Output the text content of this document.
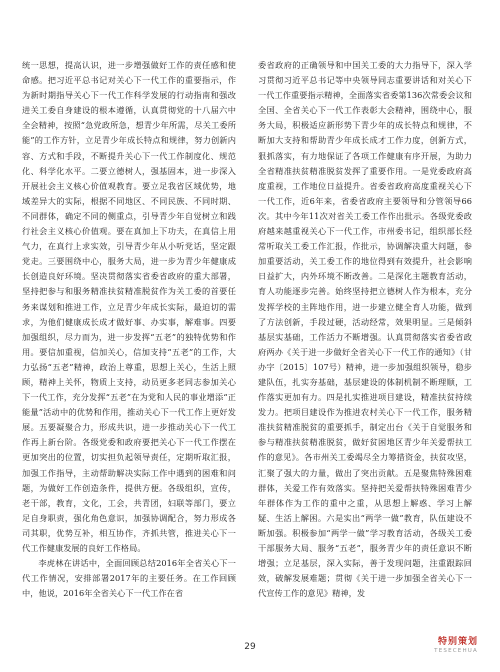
统一思想，提高认识，进一步增强做好工作的责任感和使命感。把习近平总书记对关心下一代工作的重要指示，作为新时期指导关心下一代工作科学发展的行动指南和强改进关工委自身建设的根本遵循，认真贯彻党的十八届六中全会精神，按照“急党政所急，想青少年所需，尽关工委所能”的工作方针，立足青少年成长特点和规律，努力创新内容、方式和手段，不断提升关心下一代工作制度化、规范化、科学化水平。二要立德树人，强基固本，进一步深入开展社会主义核心价值观教育。要立足我省区域优势，地域差异大的实际，根据不同地区、不同民族、不同时期、不同群体，确定不同的侧重点，引导青少年自觉树立和践行社会主义核心价值观。要在真加上下功夫，在真信上用气力，在真行上求实效，引导青少年从小听党话，坚定跟党走。三要围绕中心，服务大局，进一步为青少年健康成长创造良好环境。坚决贯彻落实省委省政府的重大部署，坚持把参与和服务精准扶贫精准脱贫作为关工委的首要任务来谋划和推进工作，立足青少年成长实际，最迫切的需求，为他们健康成长成才做好事、办实事，解难事。四要加强组织，尽力而为，进一步发挥“五老”的独特优势和作用。要信加重视，信加关心，信加支持“五老”的工作，大力弘扬“五老”精神，政治上尊重，思想上关心，生活上照顾，精神上关怀，物质上支持，动员更多老同志参加关心下一代工作，充分发挥“五老”在为党和人民的事业增添“正能量”活动中的优势和作用，推动关心下一代工作上更好发展。五要凝聚合力，形成共识，进一步推动关心下一代工作再上新台阶。各级党委和政府要把关心下一代工作摆在更加突出的位置，切实担负起领导责任，定期听取汇报，加强工作指导，主动帮助解决实际工作中遇到的困难和问题，为做好工作创造条件，提供方便。各级组织，宣传，老干部，教育，文化，工会，共青团，妇联等部门，要立足自身职责，强化角色意识，加强协调配合，努力形成各司其职，优势互补，相互协作，齐抓共管，推进关心下一代工作健康发展的良好工作格局。

李虎林在讲话中，全面回顾总结2016年全省关心下一代工作情况，安排部署2017年的主要任务。在工作回顾中，他说，2016年全省关心下一代工作在省

委省政府的正确领导和中国关工委的大力指导下，深入学习贯彻习近平总书记等中央领导同志重要讲话和对关心下一代工作重要指示精神，全面落实省委第136次常委会议和全国、全省关心下一代工作表彰大会精神，围绕中心，服务大局，积极适应新形势下青少年的成长特点和规律，不断加大支持和帮助青少年成长成才工作力度，创新方式，狠抓落实，有力地保证了各项工作健康有序开展，为助力全省精准扶贫精准脱贫发挥了重要作用。一是党委政府高度重视，工作地位日益提升。省委省政府高度重视关心下一代工作，近6年来，省委省政府主要领导和分管领导66次。其中今年11次对省关工委工作作出批示。各级党委政府越来越重视关心下一代工作，市州委书记，组织部长经常听取关工委工作汇报，作批示，协调解决重大问题，参加重要活动，关工委工作的地位得到有效提升，社会影响日益扩大，内外环境不断改善。二是深化主题教育活动，育人功能逐步完善。始终坚持把立德树人作为根本，充分发挥学校的主阵地作用，进一步建立健全育人功能，做到了方法创新，手段过硬，活动经常，效果明显。三是倾斜基层实基础，工作活力不断增强。认真贯彻落实省委省政府两办《关于进一步做好全省关心下一代工作的通知》（甘办字〔2015〕107号）精神，进一步加强组织领导，稳步建队伍，扎实夯基础，基层建设的体制机制不断理顺，工作落实更加有力。四是扎实推进项目建设，精准扶贫持续发力。把项目建设作为推进农村关心下一代工作，服务精准扶贫精准脱贫的重要抓手，制定出台《关于自觉服务和参与精准扶贫精准脱贫，做好贫困地区青少年关爱帮扶工作的意见》。各市州关工委竭尽全力筹措资金，扶贫攻坚，汇聚了强大的力量，做出了突出贡献。五是聚焦特殊困难群体，关爱工作有效落实。坚持把关爱帮扶特殊困难青少年群体作为工作的重中之重，从思想上解惑、学习上解疑、生活上解困。六是实出“两学一做”教育，队伍建设不断加强。积极参加“两学一做”学习教育活动，各级关工委干部服务大局、服务“五老”，服务青少年的责任意识不断增强；立足基层，深入实际，善于发现问题，注重跟踪回效，破解发展难题；贯彻《关于进一步加强全省关心下一代宣传工作的意见》精神，发

29	特别策划
TESECEHUA
